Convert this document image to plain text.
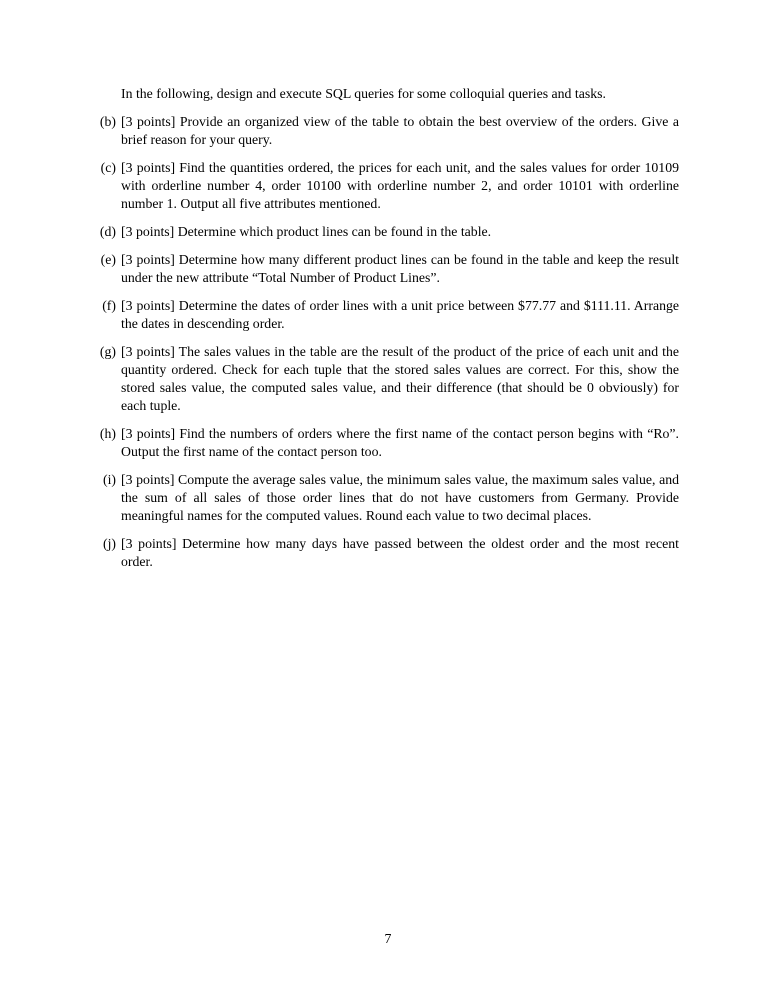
In the following, design and execute SQL queries for some colloquial queries and tasks.

(b) [3 points] Provide an organized view of the table to obtain the best overview of the orders. Give a brief reason for your query.
(c) [3 points] Find the quantities ordered, the prices for each unit, and the sales values for order 10109 with orderline number 4, order 10100 with orderline number 2, and order 10101 with orderline number 1. Output all five attributes mentioned.
(d) [3 points] Determine which product lines can be found in the table.
(e) [3 points] Determine how many different product lines can be found in the table and keep the result under the new attribute “Total Number of Product Lines”.
(f) [3 points] Determine the dates of order lines with a unit price between $77.77 and $111.11. Arrange the dates in descending order.
(g) [3 points] The sales values in the table are the result of the product of the price of each unit and the quantity ordered. Check for each tuple that the stored sales values are correct. For this, show the stored sales value, the computed sales value, and their difference (that should be 0 obviously) for each tuple.
(h) [3 points] Find the numbers of orders where the first name of the contact person begins with “Ro”. Output the first name of the contact person too.
(i) [3 points] Compute the average sales value, the minimum sales value, the maximum sales value, and the sum of all sales of those order lines that do not have customers from Germany. Provide meaningful names for the computed values. Round each value to two decimal places.
(j) [3 points] Determine how many days have passed between the oldest order and the most recent order.
7
